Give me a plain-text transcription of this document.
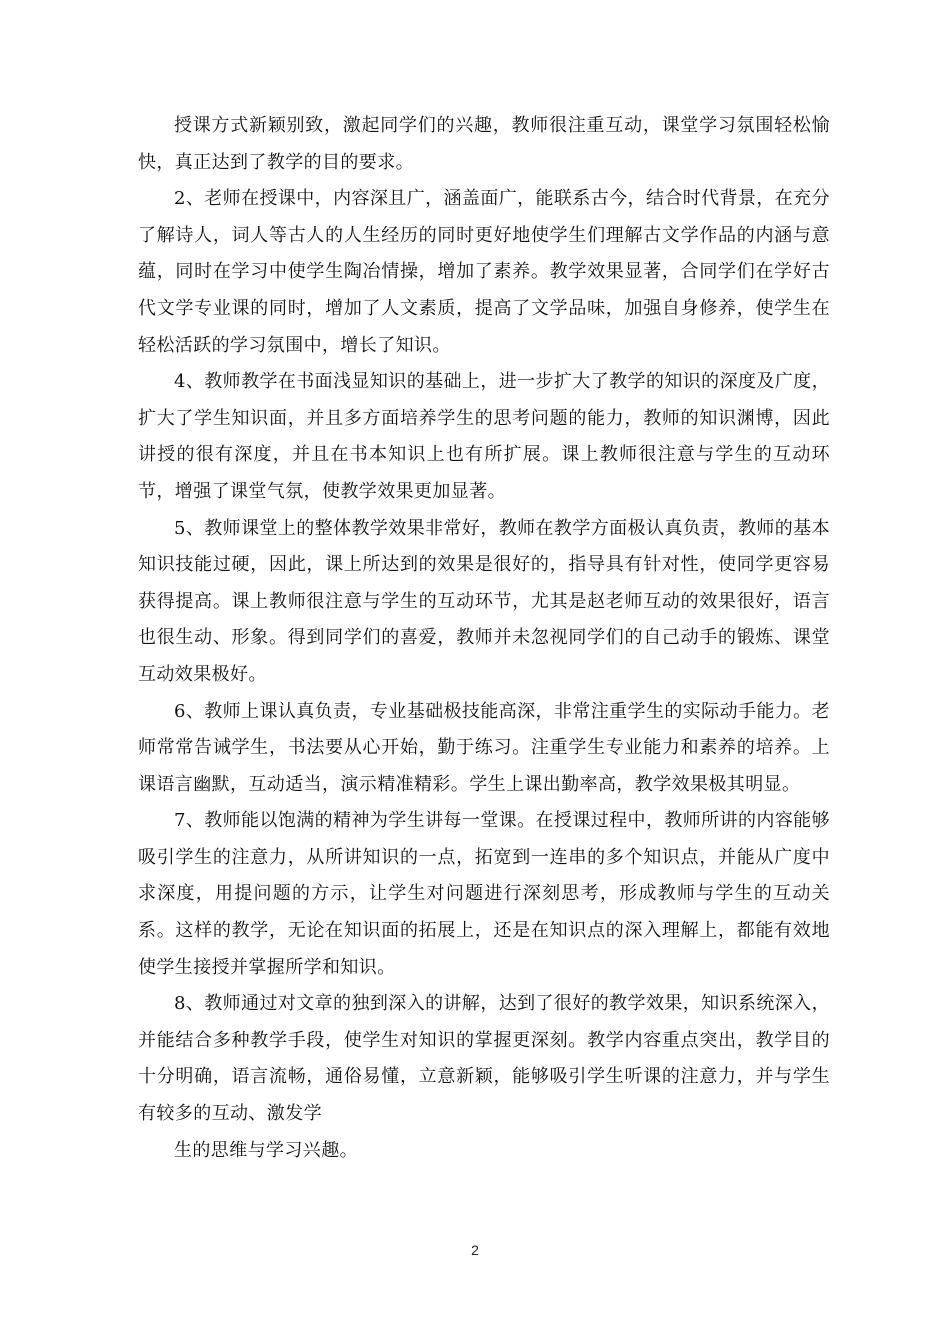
授课方式新颖别致，激起同学们的兴趣，教师很注重互动，课堂学习氛围轻松愉快，真正达到了教学的目的要求。

2、老师在授课中，内容深且广，涵盖面广，能联系古今，结合时代背景，在充分了解诗人，词人等古人的人生经历的同时更好地使学生们理解古文学作品的内涵与意蕴，同时在学习中使学生陶冶情操，增加了素养。教学效果显著，合同学们在学好古代文学专业课的同时，增加了人文素质，提高了文学品味，加强自身修养，使学生在轻松活跃的学习氛围中，增长了知识。

4、教师教学在书面浅显知识的基础上，进一步扩大了教学的知识的深度及广度，扩大了学生知识面，并且多方面培养学生的思考问题的能力，教师的知识渊博，因此讲授的很有深度，并且在书本知识上也有所扩展。课上教师很注意与学生的互动环节，增强了课堂气氛，使教学效果更加显著。

5、教师课堂上的整体教学效果非常好，教师在教学方面极认真负责，教师的基本知识技能过硬，因此，课上所达到的效果是很好的，指导具有针对性，使同学更容易获得提高。课上教师很注意与学生的互动环节，尤其是赵老师互动的效果很好，语言也很生动、形象。得到同学们的喜爱，教师并未忽视同学们的自己动手的锻炼、课堂互动效果极好。

6、教师上课认真负责，专业基础极技能高深，非常注重学生的实际动手能力。老师常常告诫学生，书法要从心开始，勤于练习。注重学生专业能力和素养的培养。上课语言幽默，互动适当，演示精准精彩。学生上课出勤率高，教学效果极其明显。

7、教师能以饱满的精神为学生讲每一堂课。在授课过程中，教师所讲的内容能够吸引学生的注意力，从所讲知识的一点，拓宽到一连串的多个知识点，并能从广度中求深度，用提问题的方示，让学生对问题进行深刻思考，形成教师与学生的互动关系。这样的教学，无论在知识面的拓展上，还是在知识点的深入理解上，都能有效地使学生接授并掌握所学和知识。

8、教师通过对文章的独到深入的讲解，达到了很好的教学效果，知识系统深入，并能结合多种教学手段，使学生对知识的掌握更深刻。教学内容重点突出，教学目的十分明确，语言流畅，通俗易懂，立意新颖，能够吸引学生听课的注意力，并与学生有较多的互动、激发学

生的思维与学习兴趣。

2
